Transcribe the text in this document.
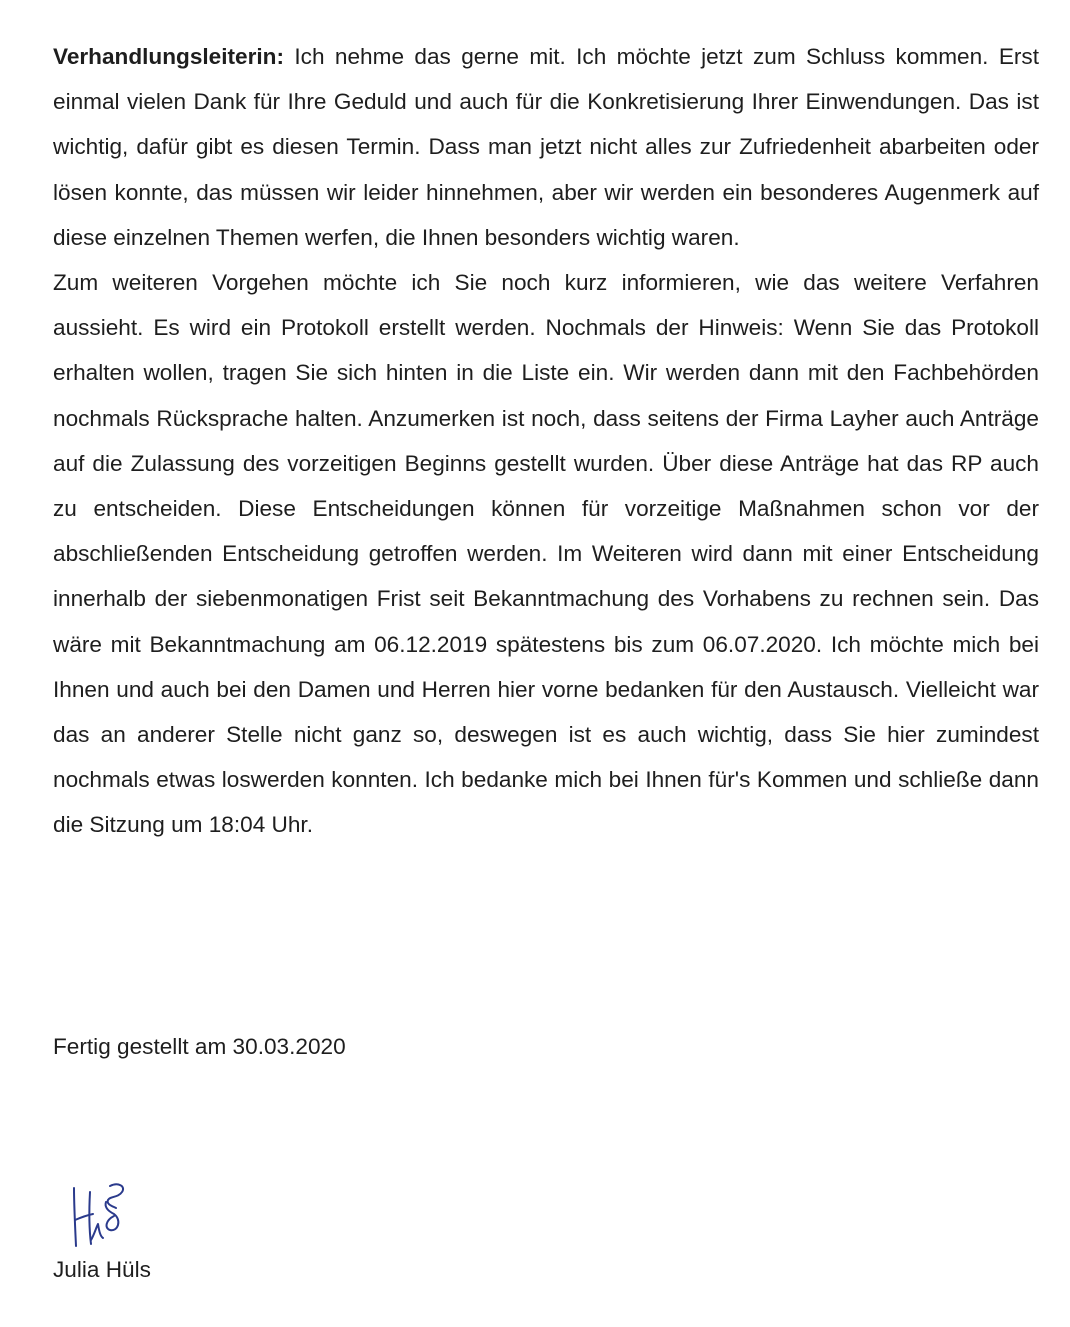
Verhandlungsleiterin: Ich nehme das gerne mit. Ich möchte jetzt zum Schluss kommen. Erst einmal vielen Dank für Ihre Geduld und auch für die Konkretisierung Ihrer Einwendungen. Das ist wichtig, dafür gibt es diesen Termin. Dass man jetzt nicht alles zur Zufriedenheit abarbeiten oder lösen konnte, das müssen wir leider hinnehmen, aber wir werden ein besonderes Augenmerk auf diese einzelnen Themen werfen, die Ihnen besonders wichtig waren.

Zum weiteren Vorgehen möchte ich Sie noch kurz informieren, wie das weitere Verfahren aussieht. Es wird ein Protokoll erstellt werden. Nochmals der Hinweis: Wenn Sie das Protokoll erhalten wollen, tragen Sie sich hinten in die Liste ein. Wir werden dann mit den Fachbehörden nochmals Rücksprache halten. Anzumerken ist noch, dass seitens der Firma Layher auch Anträge auf die Zulassung des vorzeitigen Beginns gestellt wurden. Über diese Anträge hat das RP auch zu entscheiden. Diese Entscheidungen können für vorzeitige Maßnahmen schon vor der abschließenden Entscheidung getroffen werden. Im Weiteren wird dann mit einer Entscheidung innerhalb der siebenmonatigen Frist seit Bekanntmachung des Vorhabens zu rechnen sein. Das wäre mit Bekanntmachung am 06.12.2019 spätestens bis zum 06.07.2020. Ich möchte mich bei Ihnen und auch bei den Damen und Herren hier vorne bedanken für den Austausch. Vielleicht war das an anderer Stelle nicht ganz so, deswegen ist es auch wichtig, dass Sie hier zumindest nochmals etwas loswerden konnten. Ich bedanke mich bei Ihnen für's Kommen und schließe dann die Sitzung um 18:04 Uhr.

Fertig gestellt am 30.03.2020

Julia Hüls
